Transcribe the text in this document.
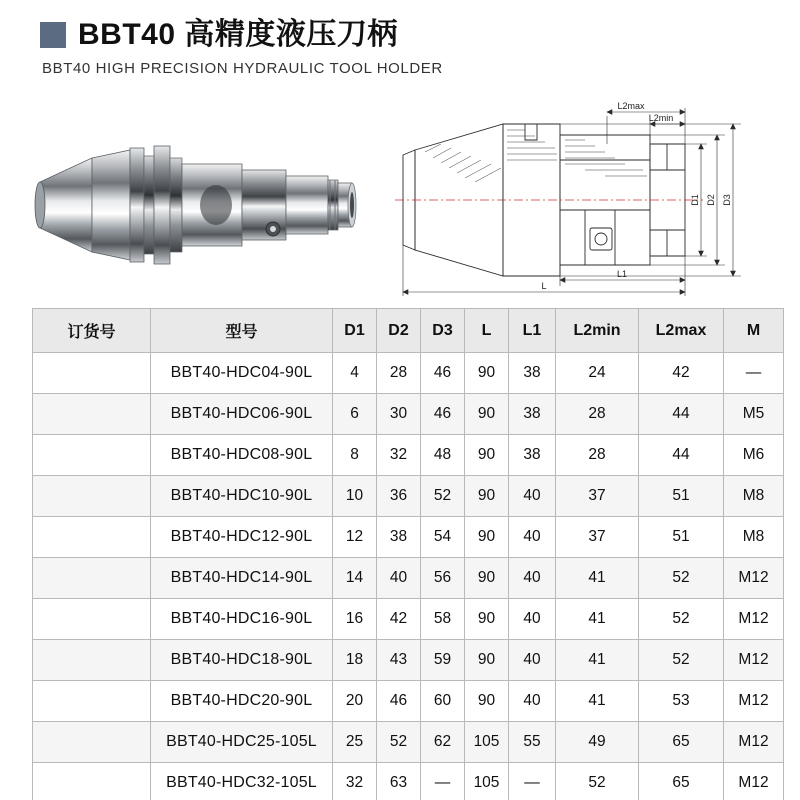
BBT40 高精度液压刀柄
BBT40 HIGH PRECISION HYDRAULIC TOOL HOLDER
L2max
L2min
D1 D2 D3
L
L1
订货号	型号	D1	D2	D3	L	L1	L2min	L2max	M
	BBT40-HDC04-90L	4	28	46	90	38	24	42	—
	BBT40-HDC06-90L	6	30	46	90	38	28	44	M5
	BBT40-HDC08-90L	8	32	48	90	38	28	44	M6
	BBT40-HDC10-90L	10	36	52	90	40	37	51	M8
	BBT40-HDC12-90L	12	38	54	90	40	37	51	M8
	BBT40-HDC14-90L	14	40	56	90	40	41	52	M12
	BBT40-HDC16-90L	16	42	58	90	40	41	52	M12
	BBT40-HDC18-90L	18	43	59	90	40	41	52	M12
	BBT40-HDC20-90L	20	46	60	90	40	41	53	M12
	BBT40-HDC25-105L	25	52	62	105	55	49	65	M12
	BBT40-HDC32-105L	32	63	—	105	—	52	65	M12
